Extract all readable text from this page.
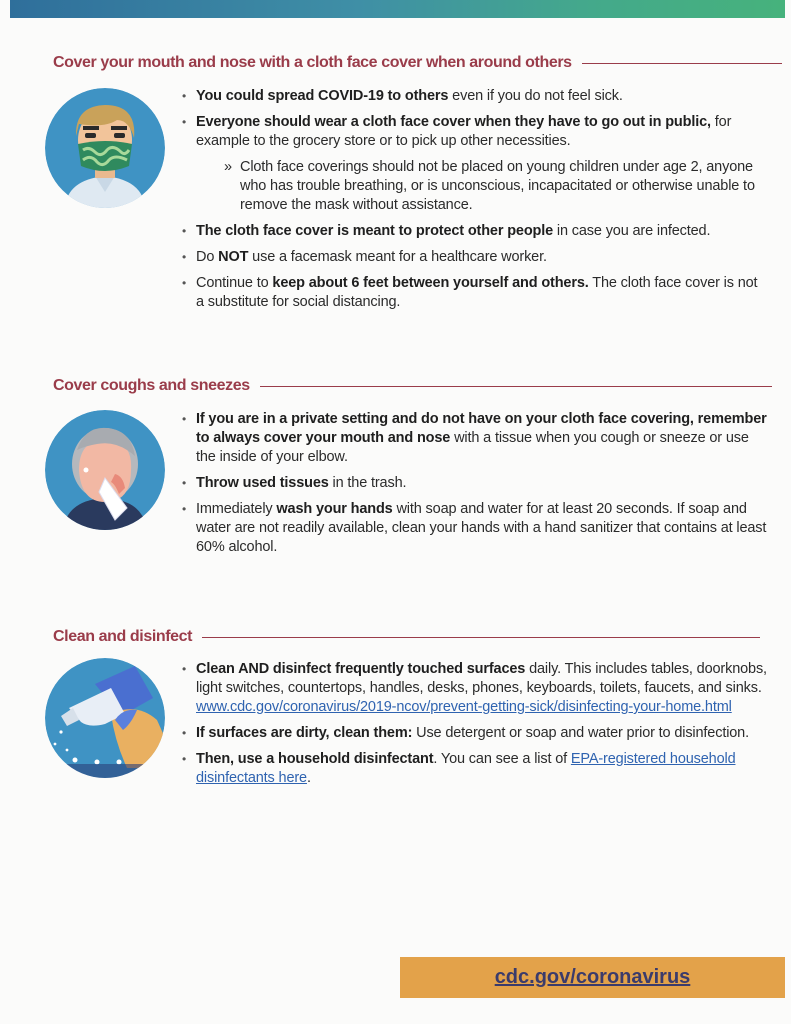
Cover your mouth and nose with a cloth face cover when around others
• You could spread COVID-19 to others even if you do not feel sick.
• Everyone should wear a cloth face cover when they have to go out in public, for example to the grocery store or to pick up other necessities.
» Cloth face coverings should not be placed on young children under age 2, anyone who has trouble breathing, or is unconscious, incapacitated or otherwise unable to remove the mask without assistance.
• The cloth face cover is meant to protect other people in case you are infected.
• Do NOT use a facemask meant for a healthcare worker.
• Continue to keep about 6 feet between yourself and others. The cloth face cover is not a substitute for social distancing.
Cover coughs and sneezes
• If you are in a private setting and do not have on your cloth face covering, remember to always cover your mouth and nose with a tissue when you cough or sneeze or use the inside of your elbow.
• Throw used tissues in the trash.
• Immediately wash your hands with soap and water for at least 20 seconds. If soap and water are not readily available, clean your hands with a hand sanitizer that contains at least 60% alcohol.
Clean and disinfect
• Clean AND disinfect frequently touched surfaces daily. This includes tables, doorknobs, light switches, countertops, handles, desks, phones, keyboards, toilets, faucets, and sinks. www.cdc.gov/coronavirus/2019-ncov/prevent-getting-sick/disinfecting-your-home.html
• If surfaces are dirty, clean them: Use detergent or soap and water prior to disinfection.
• Then, use a household disinfectant. You can see a list of EPA-registered household disinfectants here.
cdc.gov/coronavirus
